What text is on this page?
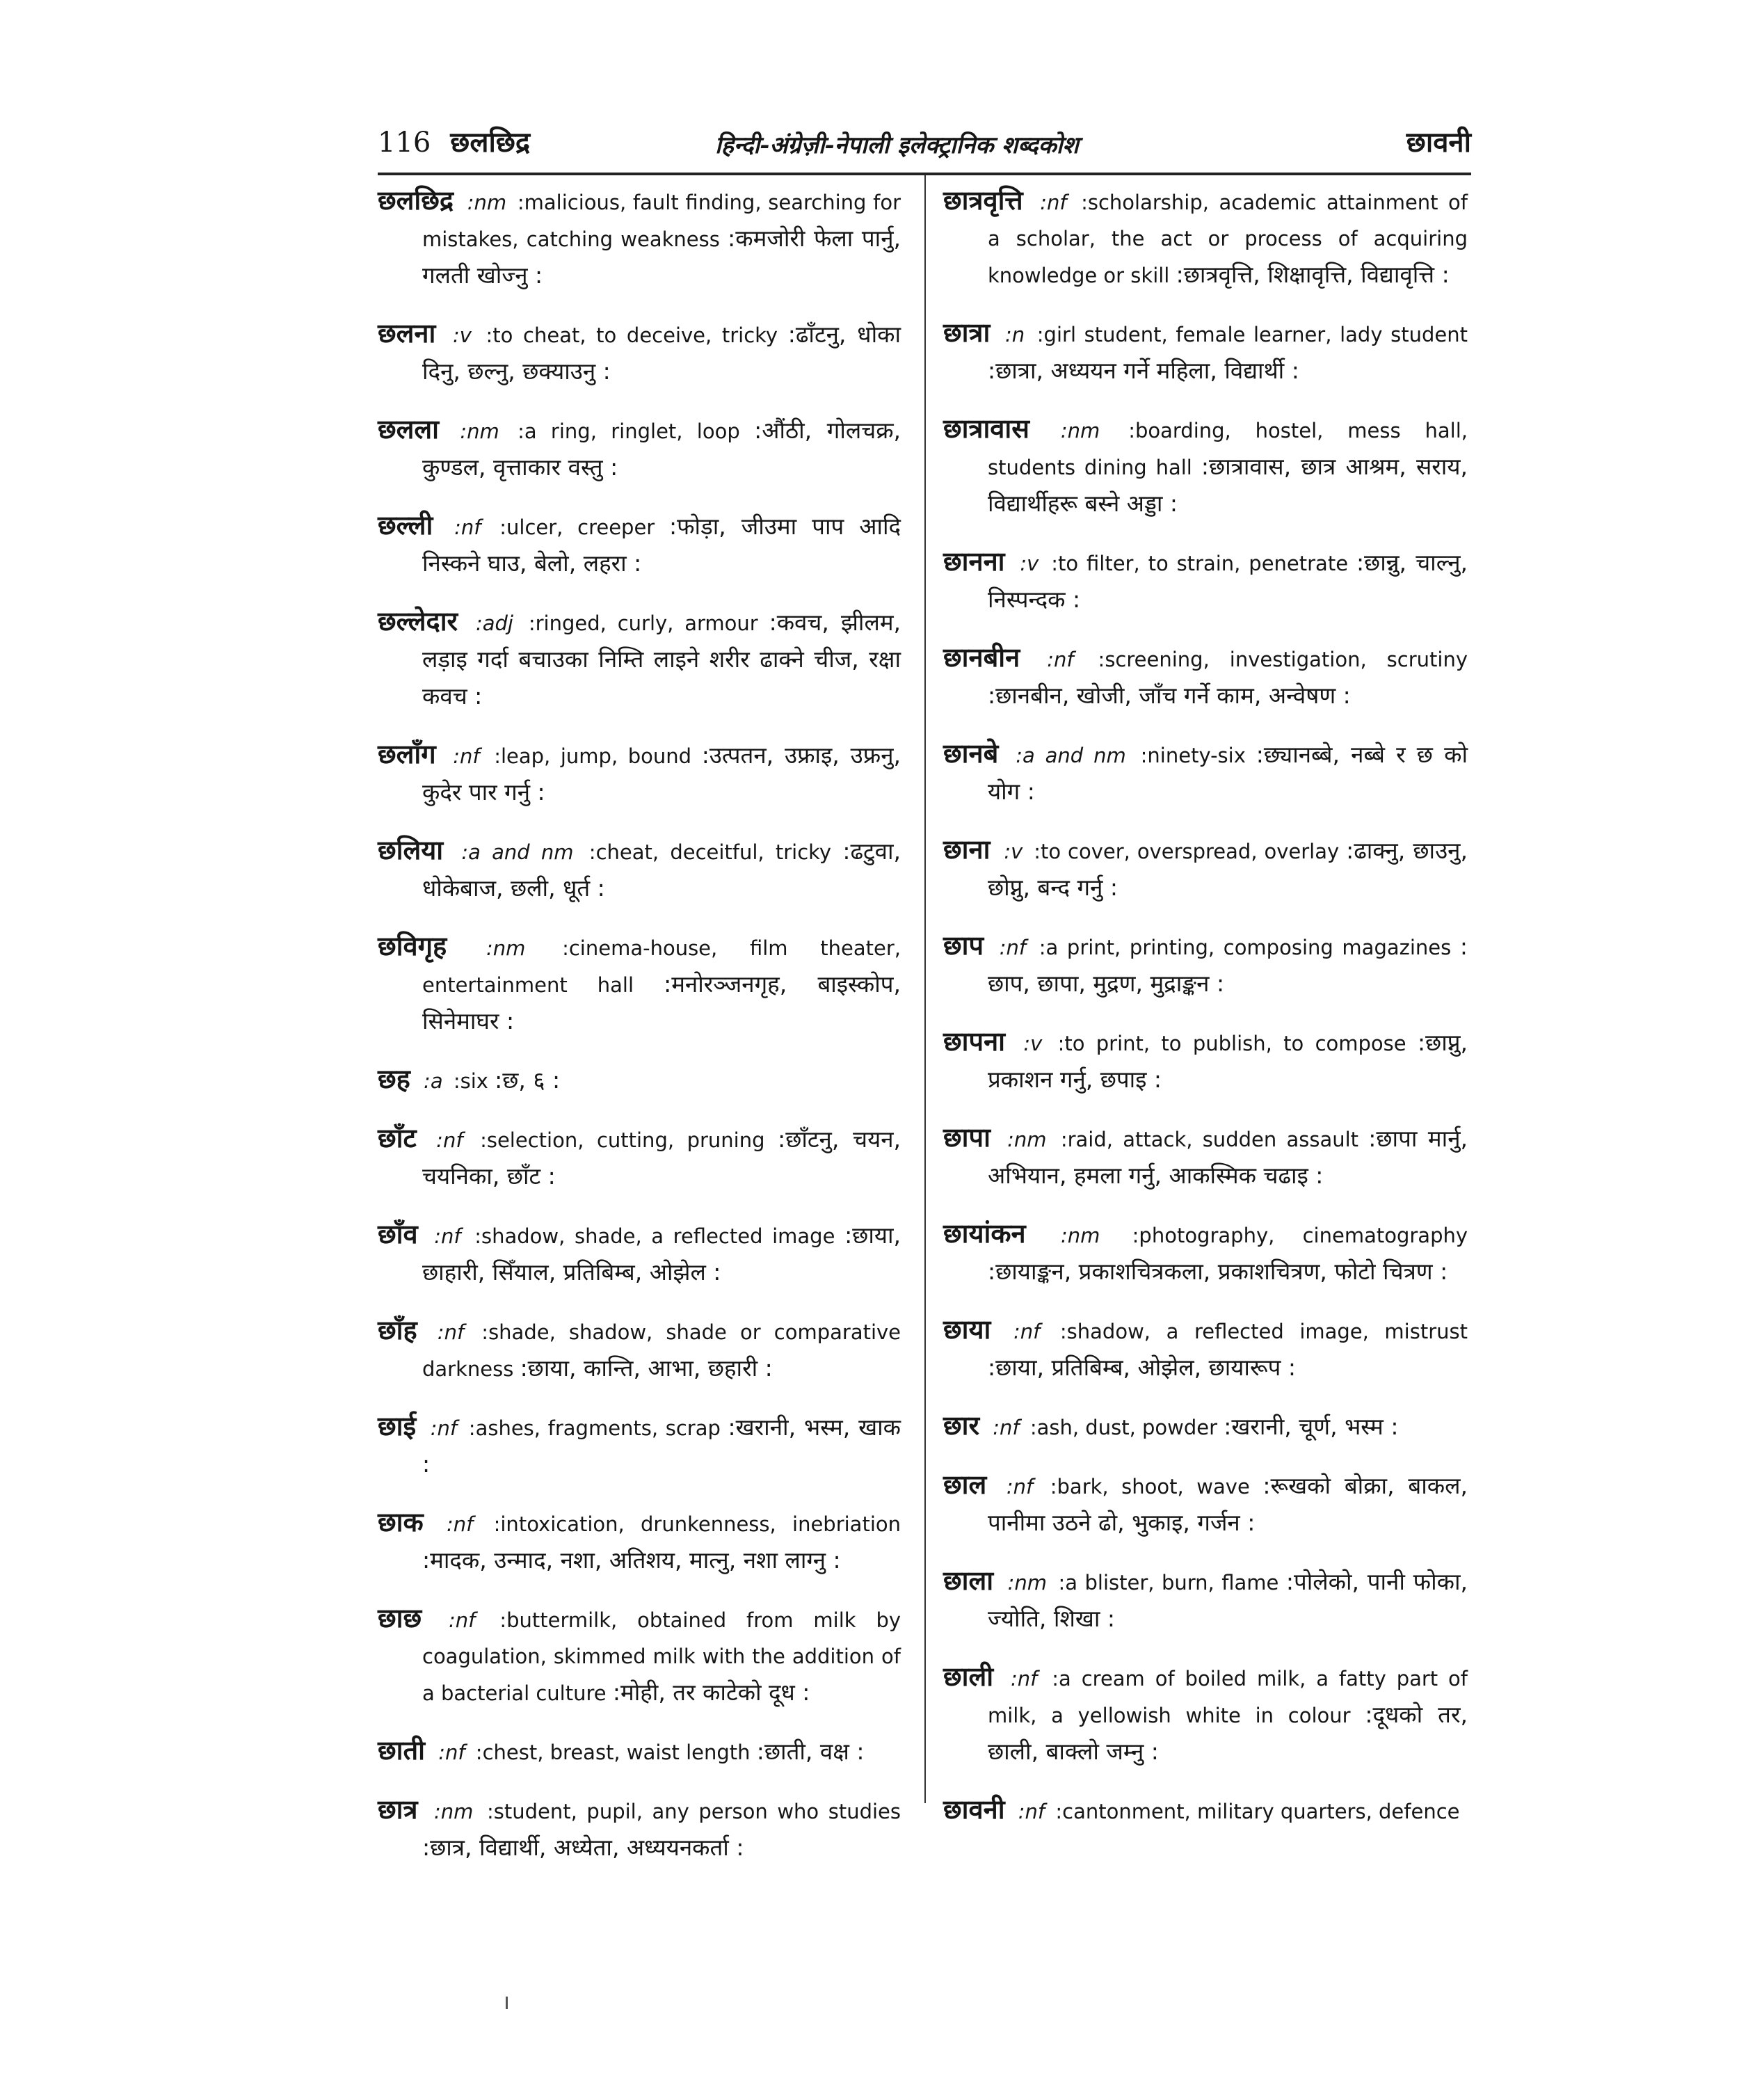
116 छलछिद्र	हिन्दी-अंग्रेज़ी-नेपाली इलेक्ट्रानिक शब्दकोश	छावनी
छलछिद्र :nm :malicious, fault finding, searching for mistakes, catching weakness :कमजोरी फेला पार्नु, गलती खोज्नु :
छलना :v :to cheat, to deceive, tricky :ढाँटनु, धोका दिनु, छल्नु, छक्याउनु :
छलला :nm :a ring, ringlet, loop :औंठी, गोलचक्र, कुण्डल, वृत्ताकार वस्तु :
छल्ली :nf :ulcer, creeper :फोड़ा, जीउमा पाप आदि निस्कने घाउ, बेलो, लहरा :
छल्लेदार :adj :ringed, curly, armour :कवच, झीलम, लड़ाइ गर्दा बचाउका निम्ति लाइने शरीर ढाक्ने चीज, रक्षा कवच :
छलाँग :nf :leap, jump, bound :उत्पतन, उफ्राइ, उफ्रनु, कुदेर पार गर्नु :
छलिया :a and nm :cheat, deceitful, tricky :ढटुवा, धोकेबाज, छली, धूर्त :
छविगृह :nm :cinema-house, film theater, entertainment hall :मनोरञ्जनगृह, बाइस्कोप, सिनेमाघर :
छह :a :six :छ, ६ :
छाँट :nf :selection, cutting, pruning :छाँटनु, चयन, चयनिका, छाँट :
छाँव :nf :shadow, shade, a reflected image :छाया, छाहारी, सिँयाल, प्रतिबिम्ब, ओझेल :
छाँह :nf :shade, shadow, shade or comparative darkness :छाया, कान्ति, आभा, छहारी :
छाई :nf :ashes, fragments, scrap :खरानी, भस्म, खाक :
छाक :nf :intoxication, drunkenness, inebriation :मादक, उन्माद, नशा, अतिशय, मात्नु, नशा लाग्नु :
छाछ :nf :buttermilk, obtained from milk by coagulation, skimmed milk with the addition of a bacterial culture :मोही, तर काटेको दूध :
छाती :nf :chest, breast, waist length :छाती, वक्ष :
छात्र :nm :student, pupil, any person who studies :छात्र, विद्यार्थी, अध्येता, अध्ययनकर्ता :
छात्रवृत्ति :nf :scholarship, academic attainment of a scholar, the act or process of acquiring knowledge or skill :छात्रवृत्ति, शिक्षावृत्ति, विद्यावृत्ति :
छात्रा :n :girl student, female learner, lady student :छात्रा, अध्ययन गर्ने महिला, विद्यार्थी :
छात्रावास :nm :boarding, hostel, mess hall, students dining hall :छात्रावास, छात्र आश्रम, सराय, विद्यार्थीहरू बस्ने अड्डा :
छानना :v :to filter, to strain, penetrate :छान्नु, चाल्नु, निस्पन्दक :
छानबीन :nf :screening, investigation, scrutiny :छानबीन, खोजी, जाँच गर्ने काम, अन्वेषण :
छानबे :a and nm :ninety-six :छ्यानब्बे, नब्बे र छ को योग :
छाना :v :to cover, overspread, overlay :ढाक्नु, छाउनु, छोप्नु, बन्द गर्नु :
छाप :nf :a print, printing, composing magazines : छाप, छापा, मुद्रण, मुद्राङ्कन :
छापना :v :to print, to publish, to compose :छाप्नु, प्रकाशन गर्नु, छपाइ :
छापा :nm :raid, attack, sudden assault :छापा मार्नु, अभियान, हमला गर्नु, आकस्मिक चढाइ :
छायांकन :nm :photography, cinematography :छायाङ्कन, प्रकाशचित्रकला, प्रकाशचित्रण, फोटो चित्रण :
छाया :nf :shadow, a reflected image, mistrust :छाया, प्रतिबिम्ब, ओझेल, छायारूप :
छार :nf :ash, dust, powder :खरानी, चूर्ण, भस्म :
छाल :nf :bark, shoot, wave :रूखको बोक्रा, बाकल, पानीमा उठने ढो, भुकाइ, गर्जन :
छाला :nm :a blister, burn, flame :पोलेको, पानी फोका, ज्योति, शिखा :
छाली :nf :a cream of boiled milk, a fatty part of milk, a yellowish white in colour :दूधको तर, छाली, बाक्लो जम्नु :
छावनी :nf :cantonment, military quarters, defence
